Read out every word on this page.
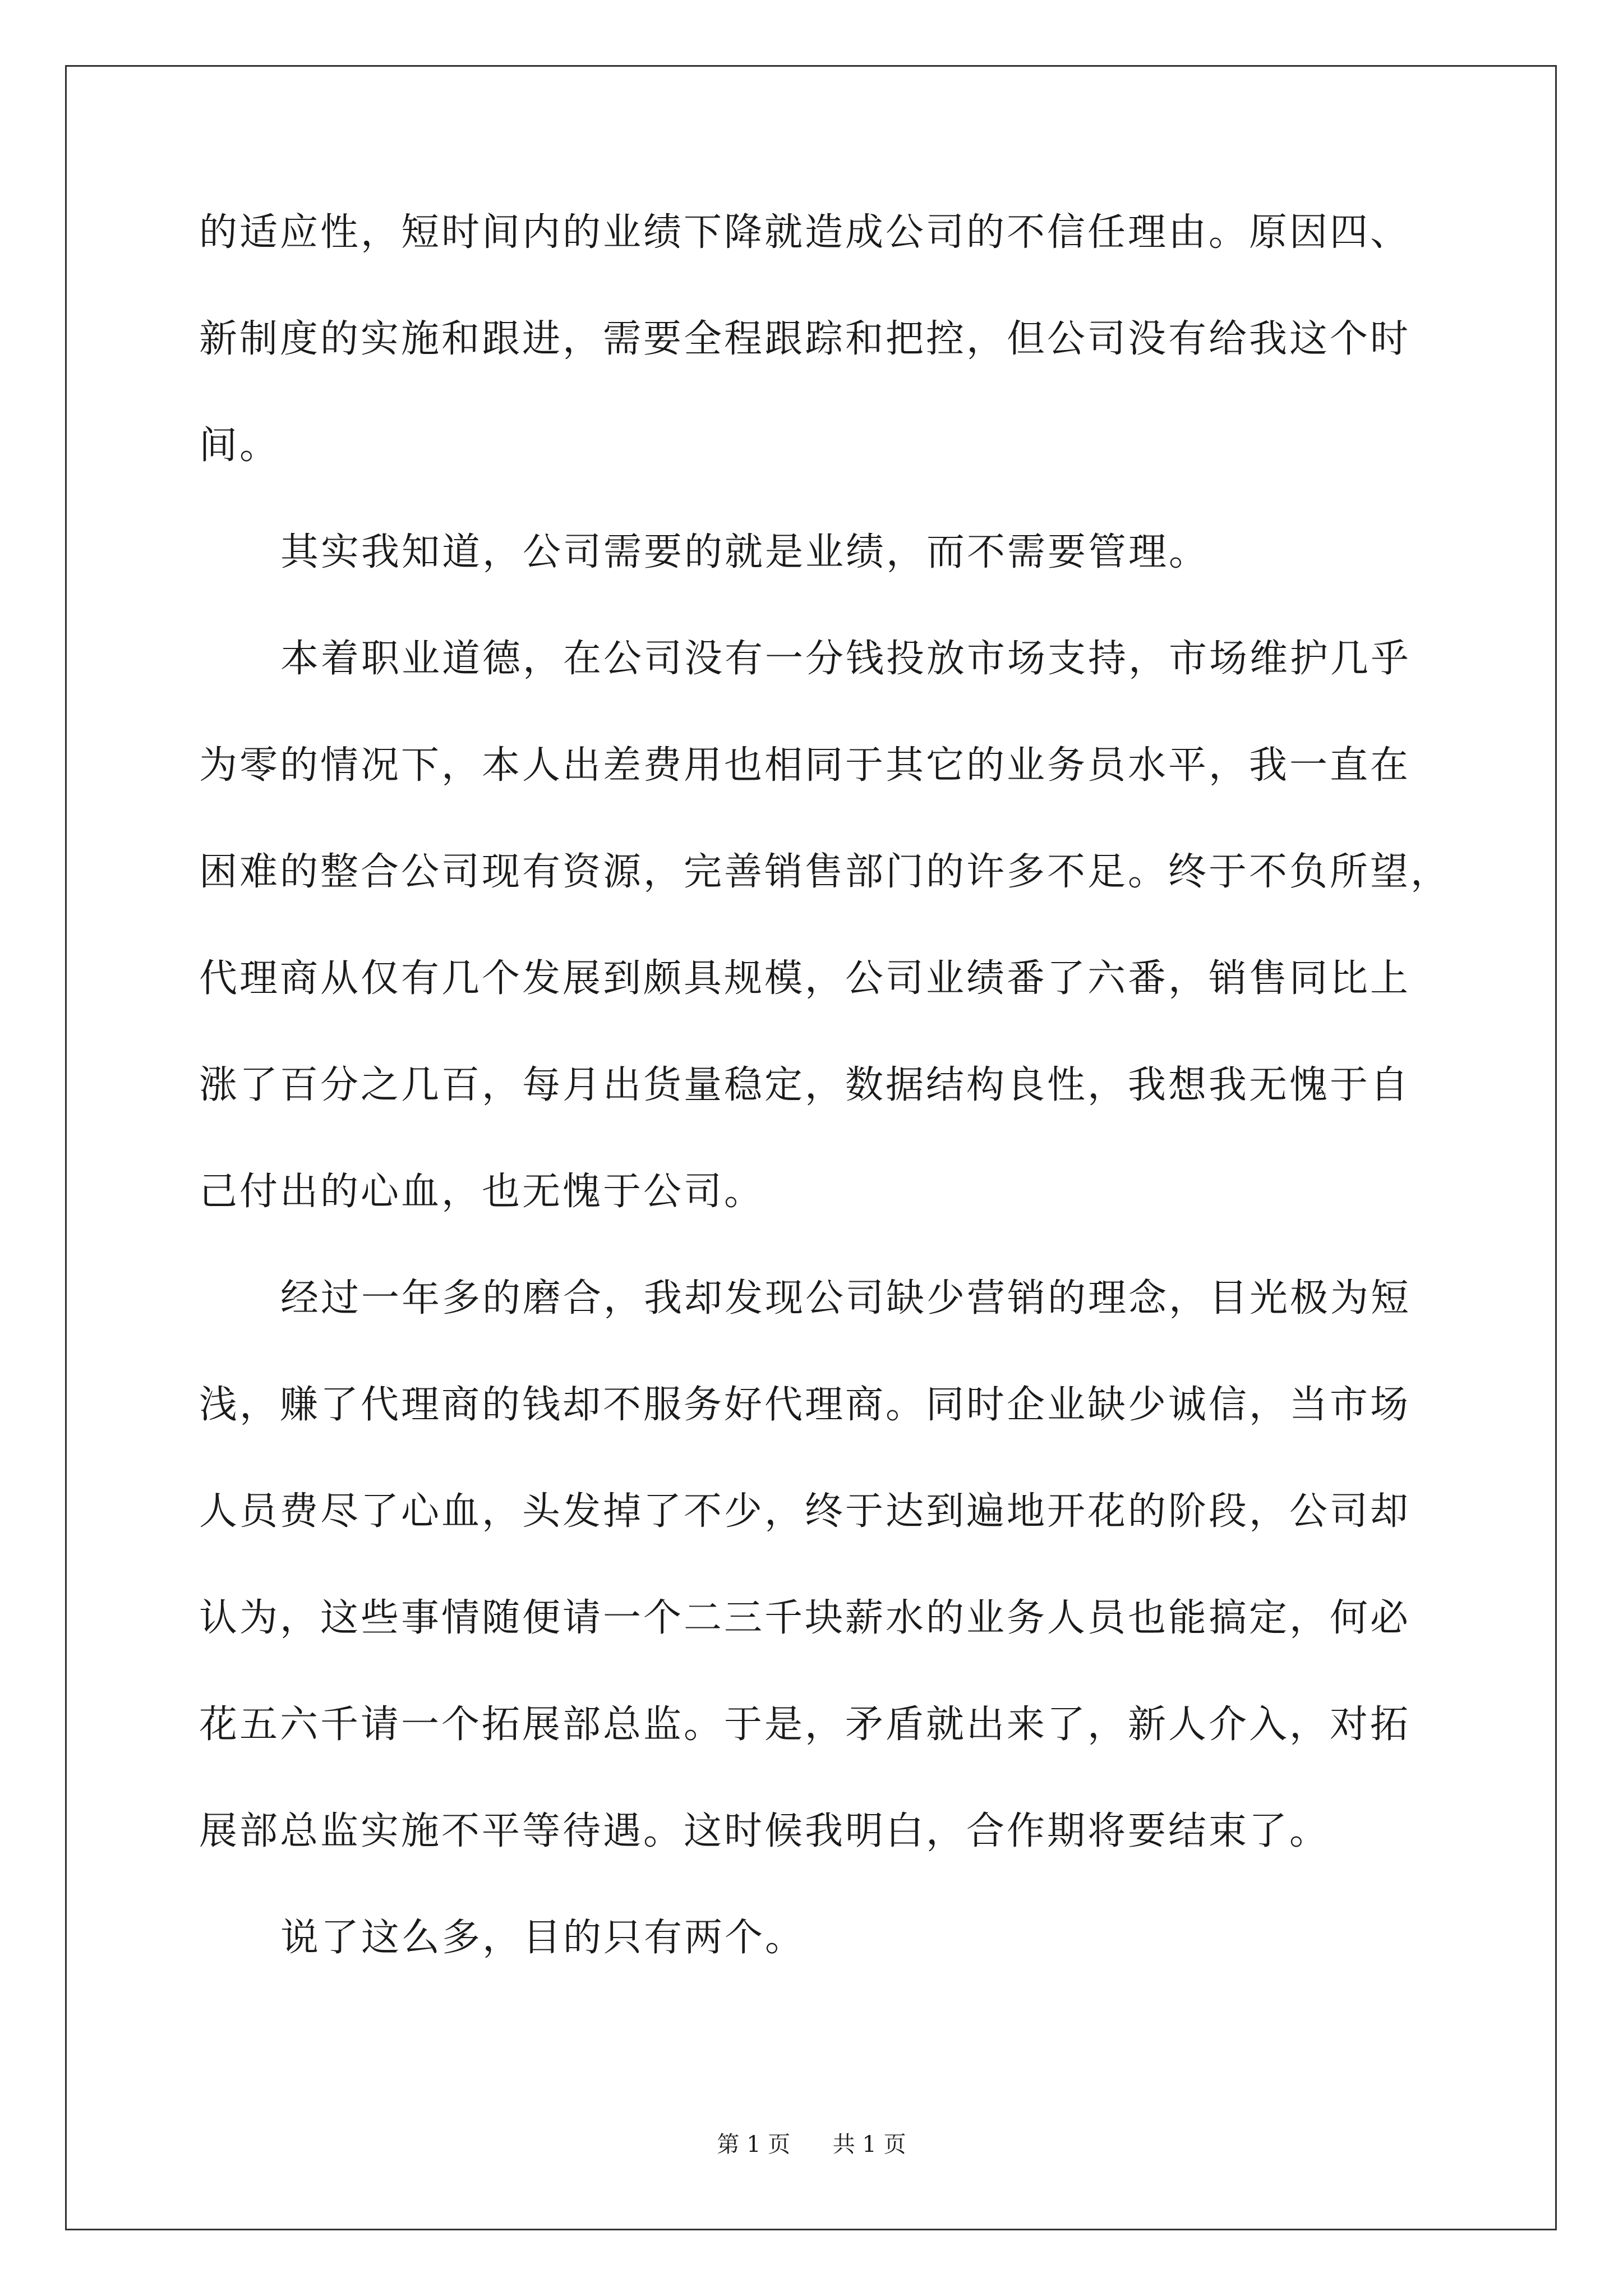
的适应性，短时间内的业绩下降就造成公司的不信任理由。原因四、
新制度的实施和跟进，需要全程跟踪和把控，但公司没有给我这个时
间。
其实我知道，公司需要的就是业绩，而不需要管理。
本着职业道德，在公司没有一分钱投放市场支持，市场维护几乎
为零的情况下，本人出差费用也相同于其它的业务员水平，我一直在
困难的整合公司现有资源，完善销售部门的许多不足。终于不负所望，
代理商从仅有几个发展到颇具规模，公司业绩番了六番，销售同比上
涨了百分之几百，每月出货量稳定，数据结构良性，我想我无愧于自
己付出的心血，也无愧于公司。
经过一年多的磨合，我却发现公司缺少营销的理念，目光极为短
浅，赚了代理商的钱却不服务好代理商。同时企业缺少诚信，当市场
人员费尽了心血，头发掉了不少，终于达到遍地开花的阶段，公司却
认为，这些事情随便请一个二三千块薪水的业务人员也能搞定，何必
花五六千请一个拓展部总监。于是，矛盾就出来了，新人介入，对拓
展部总监实施不平等待遇。这时候我明白，合作期将要结束了。
说了这么多，目的只有两个。
第 1 页 共 1 页
